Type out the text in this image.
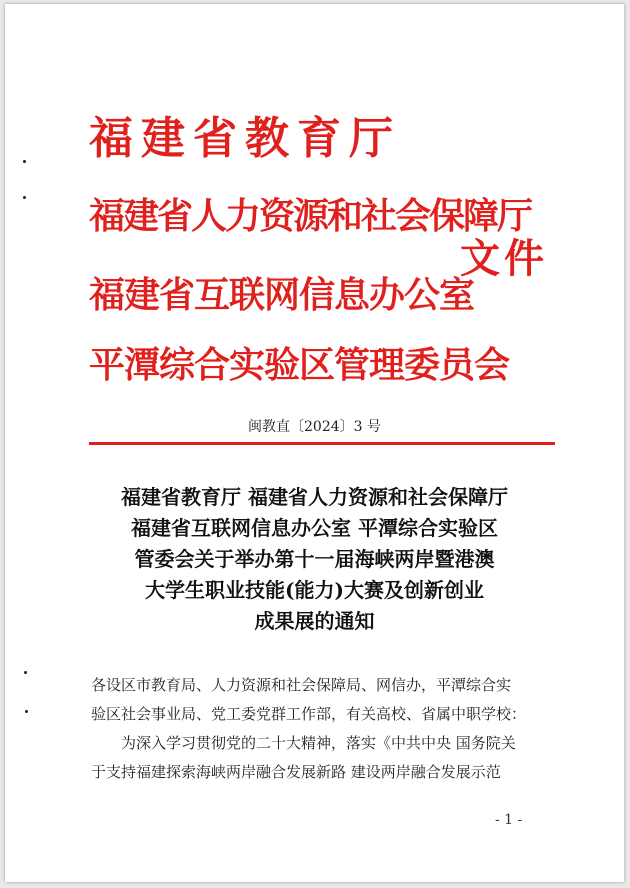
福建省教育厅
福建省人力资源和社会保障厅
福建省互联网信息办公室
平潭综合实验区管理委员会
文件
闽教直〔2024〕3 号
福建省教育厅 福建省人力资源和社会保障厅
福建省互联网信息办公室 平潭综合实验区
管委会关于举办第十一届海峡两岸暨港澳
大学生职业技能(能力)大赛及创新创业
成果展的通知
各设区市教育局、人力资源和社会保障局、网信办，平潭综合实
验区社会事业局、党工委党群工作部，有关高校、省属中职学校：
为深入学习贯彻党的二十大精神，落实《中共中央 国务院关
于支持福建探索海峡两岸融合发展新路 建设两岸融合发展示范
- 1 -
